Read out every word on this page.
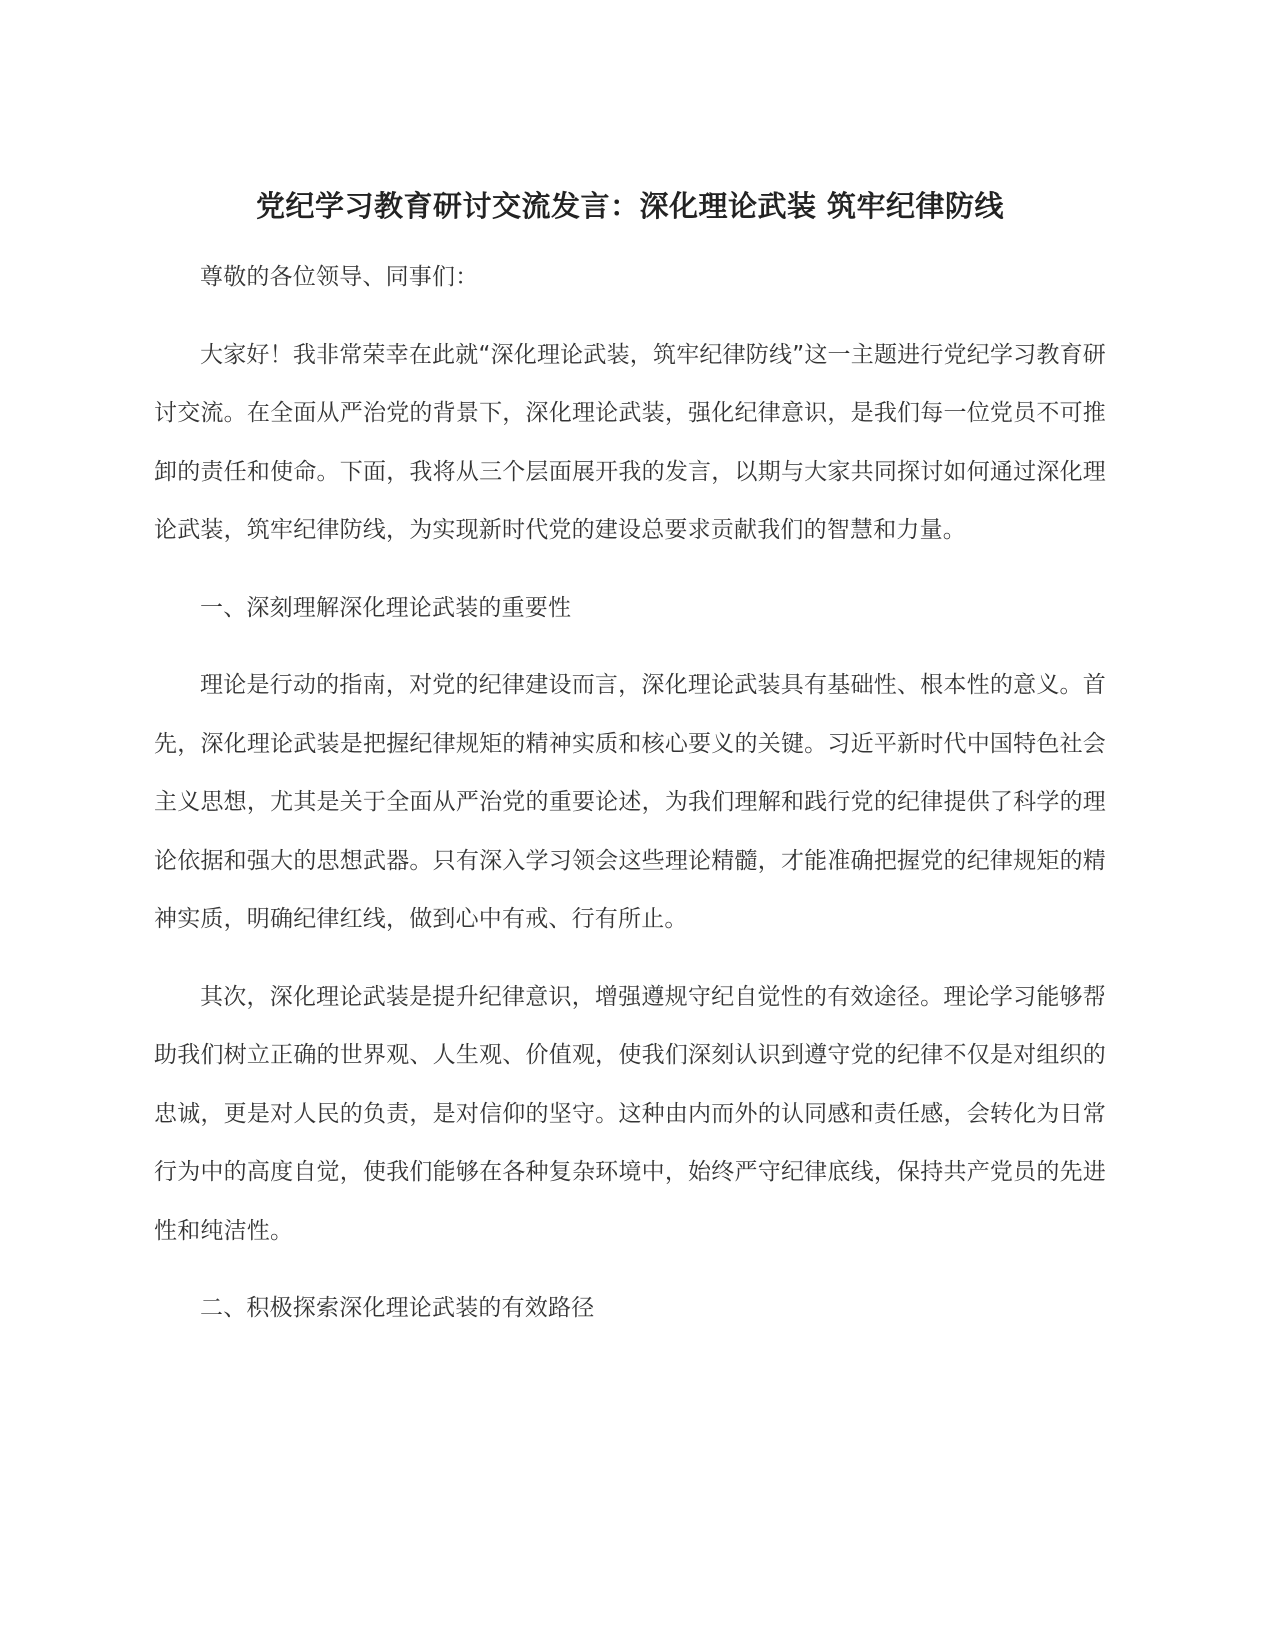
党纪学习教育研讨交流发言：深化理论武装 筑牢纪律防线

尊敬的各位领导、同事们：

大家好！我非常荣幸在此就“深化理论武装，筑牢纪律防线”这一主题进行党纪学习教育研讨交流。在全面从严治党的背景下，深化理论武装，强化纪律意识，是我们每一位党员不可推卸的责任和使命。下面，我将从三个层面展开我的发言，以期与大家共同探讨如何通过深化理论武装，筑牢纪律防线，为实现新时代党的建设总要求贡献我们的智慧和力量。

一、深刻理解深化理论武装的重要性

理论是行动的指南，对党的纪律建设而言，深化理论武装具有基础性、根本性的意义。首先，深化理论武装是把握纪律规矩的精神实质和核心要义的关键。习近平新时代中国特色社会主义思想，尤其是关于全面从严治党的重要论述，为我们理解和践行党的纪律提供了科学的理论依据和强大的思想武器。只有深入学习领会这些理论精髓，才能准确把握党的纪律规矩的精神实质，明确纪律红线，做到心中有戒、行有所止。

其次，深化理论武装是提升纪律意识，增强遵规守纪自觉性的有效途径。理论学习能够帮助我们树立正确的世界观、人生观、价值观，使我们深刻认识到遵守党的纪律不仅是对组织的忠诚，更是对人民的负责，是对信仰的坚守。这种由内而外的认同感和责任感，会转化为日常行为中的高度自觉，使我们能够在各种复杂环境中，始终严守纪律底线，保持共产党员的先进性和纯洁性。

二、积极探索深化理论武装的有效路径
